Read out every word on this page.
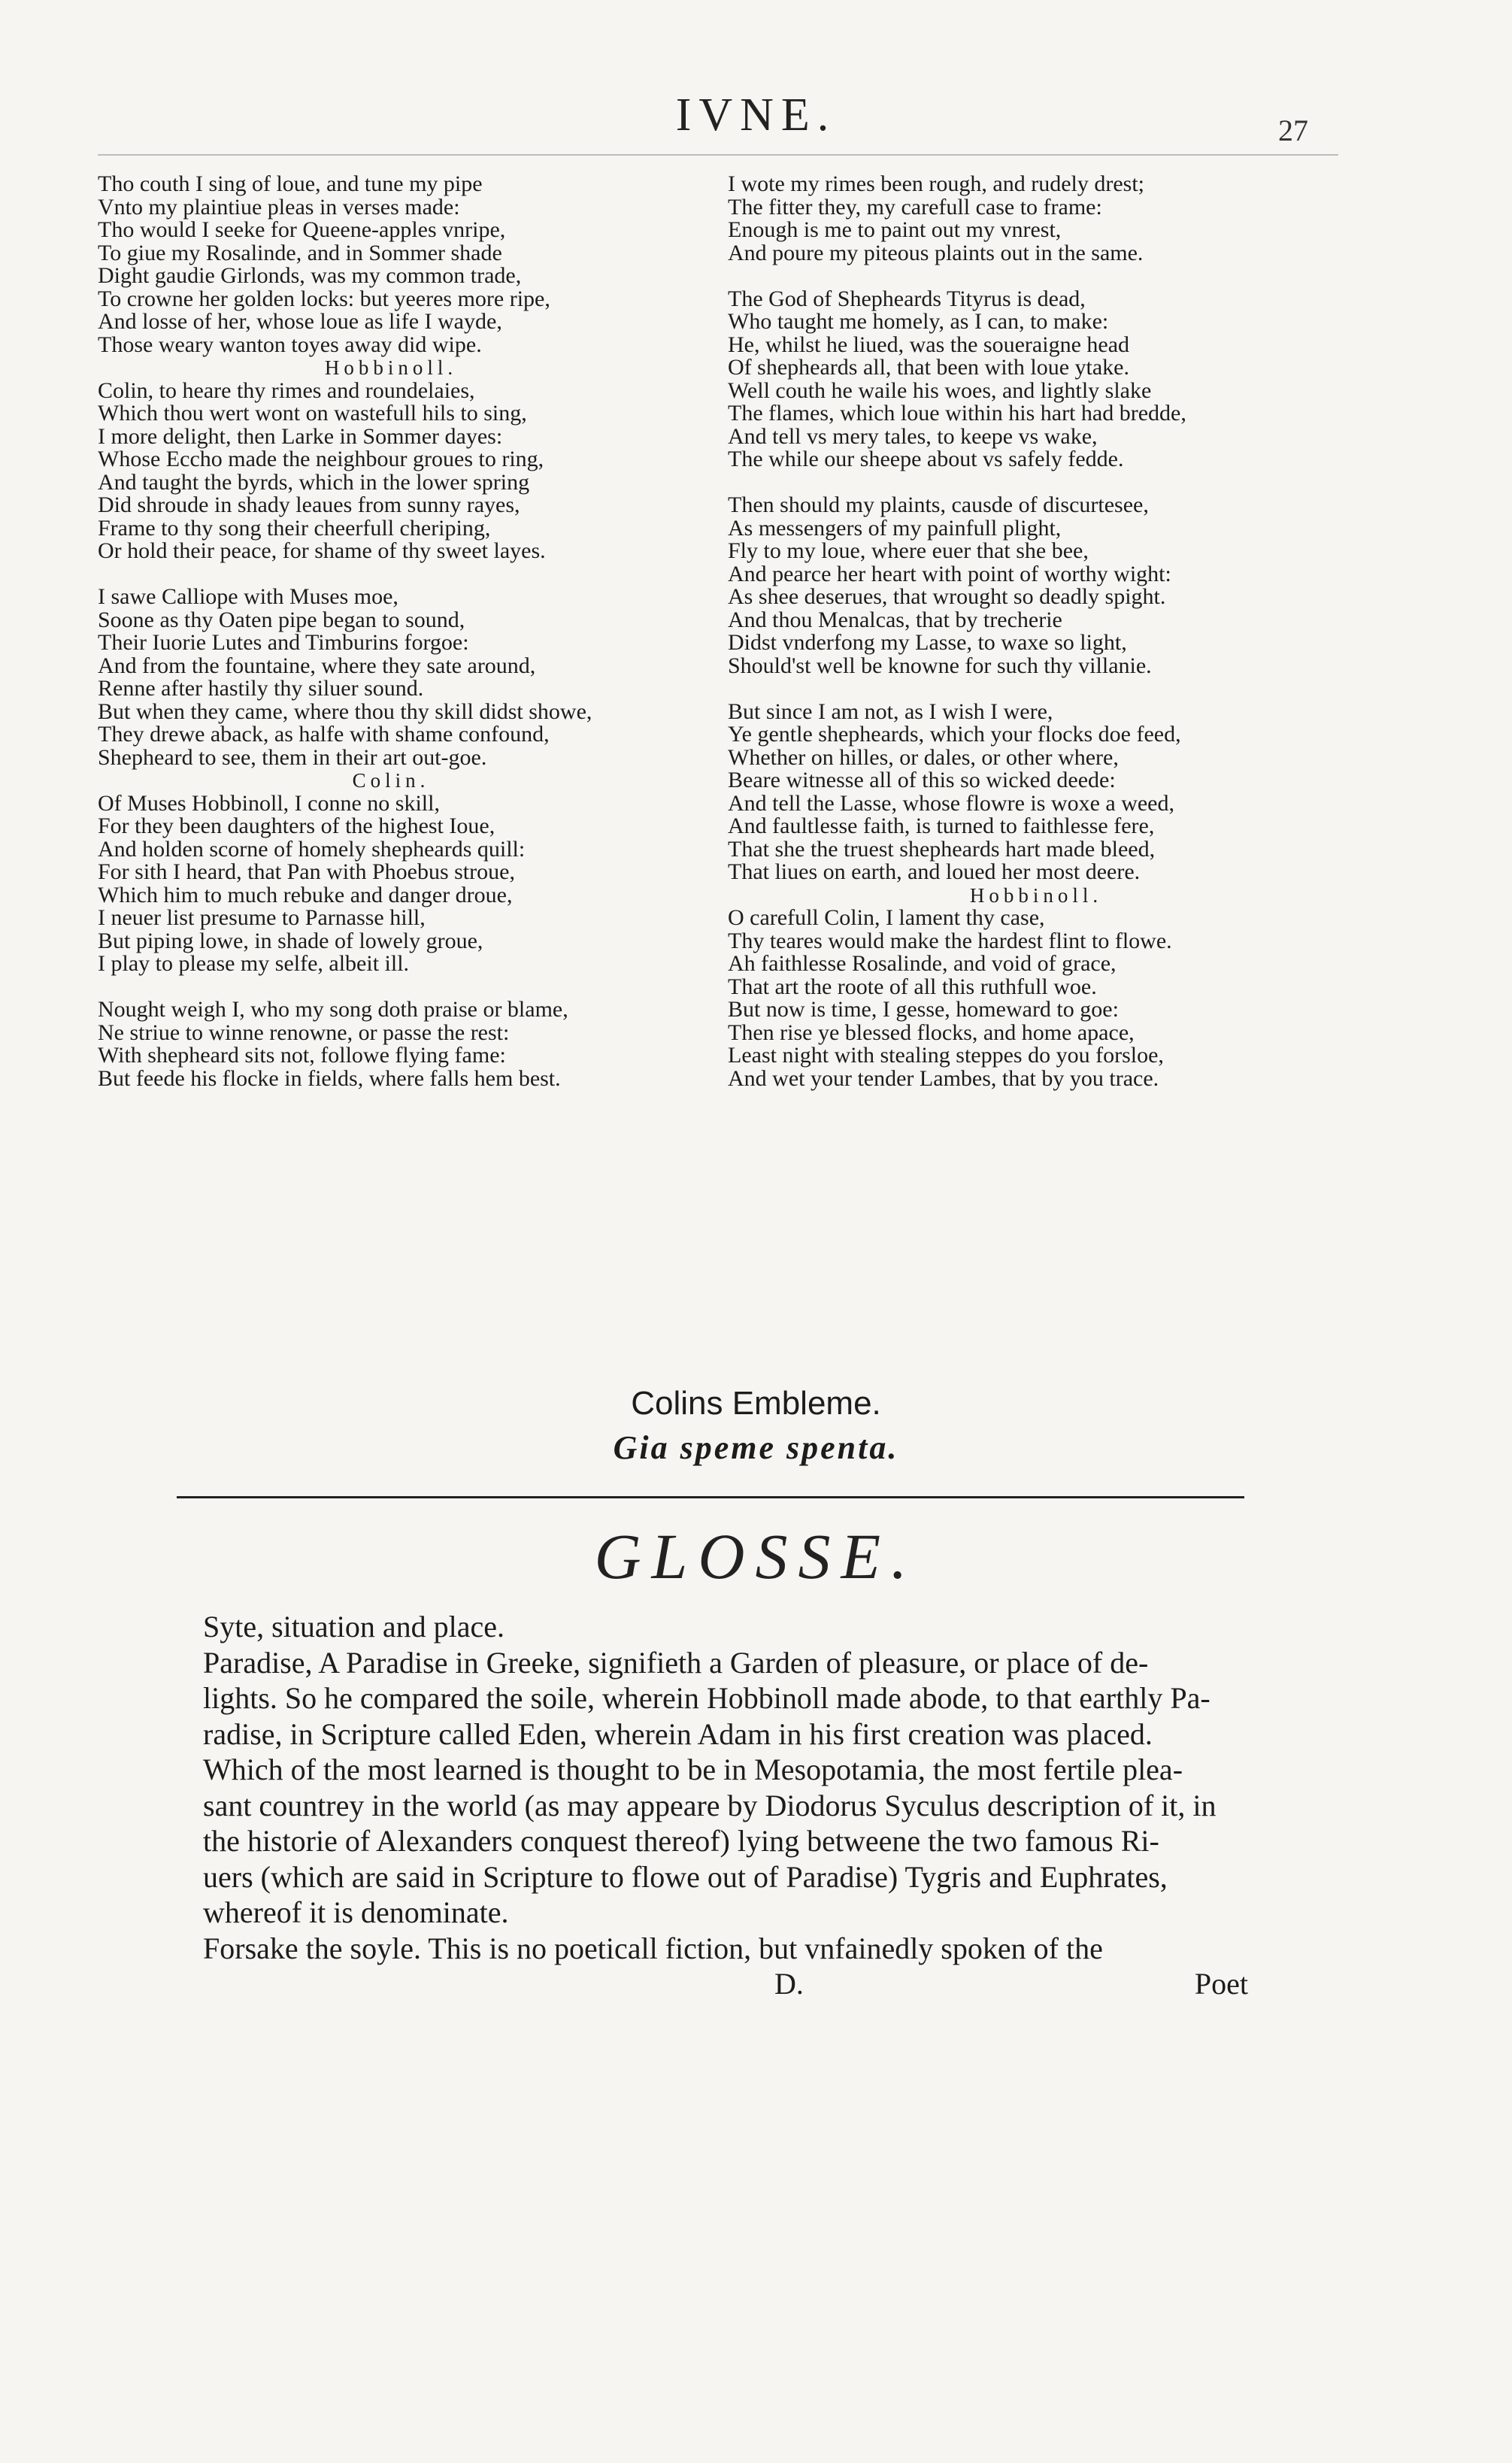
IVNE.	27
Tho couth I sing of loue, and tune my pipe
Vnto my plaintiue pleas in verses made:
Tho would I seeke for Queene-apples vnripe,
To giue my Rosalinde, and in Sommer shade
Dight gaudie Girlonds, was my common trade,
To crowne her golden locks: but yeeres more ripe,
And losse of her, whose loue as life I wayde,
Those weary wanton toyes away did wipe.
Hobbinoll.
Colin, to heare thy rimes and roundelaies,
Which thou wert wont on wastefull hils to sing,
I more delight, then Larke in Sommer dayes:
Whose Eccho made the neighbour groues to ring,
And taught the byrds, which in the lower spring
Did shroude in shady leaues from sunny rayes,
Frame to thy song their cheerfull cheriping,
Or hold their peace, for shame of thy sweet layes.
I sawe Calliope with Muses moe,
Soone as thy Oaten pipe began to sound,
Their Iuorie Lutes and Timburins forgoe:
And from the fountaine, where they sate around,
Renne after hastily thy siluer sound.
But when they came, where thou thy skill didst showe,
They drewe aback, as halfe with shame confound,
Shepheard to see, them in their art out-goe.
Colin.
Of Muses Hobbinoll, I conne no skill,
For they been daughters of the highest Ioue,
And holden scorne of homely shepheards quill:
For sith I heard, that Pan with Phoebus stroue,
Which him to much rebuke and danger droue,
I neuer list presume to Parnasse hill,
But piping lowe, in shade of lowely groue,
I play to please my selfe, albeit ill.
Nought weigh I, who my song doth praise or blame,
Ne striue to winne renowne, or passe the rest:
With shepheard sits not, followe flying fame:
But feede his flocke in fields, where falls hem best.
I wote my rimes been rough, and rudely drest;
The fitter they, my carefull case to frame:
Enough is me to paint out my vnrest,
And poure my piteous plaints out in the same.
The God of Shepheards Tityrus is dead,
Who taught me homely, as I can, to make:
He, whilst he liued, was the soueraigne head
Of shepheards all, that been with loue ytake.
Well couth he waile his woes, and lightly slake
The flames, which loue within his hart had bredde,
And tell vs mery tales, to keepe vs wake,
The while our sheepe about vs safely fedde.
Then should my plaints, causde of discurtesee,
As messengers of my painfull plight,
Fly to my loue, where euer that she bee,
And pearce her heart with point of worthy wight:
As shee deserues, that wrought so deadly spight.
And thou Menalcas, that by trecherie
Didst vnderfong my Lasse, to waxe so light,
Should'st well be knowne for such thy villanie.
But since I am not, as I wish I were,
Ye gentle shepheards, which your flocks doe feed,
Whether on hilles, or dales, or other where,
Beare witnesse all of this so wicked deede:
And tell the Lasse, whose flowre is woxe a weed,
And faultlesse faith, is turned to faithlesse fere,
That she the truest shepheards hart made bleed,
That liues on earth, and loued her most deere.
Hobbinoll.
O carefull Colin, I lament thy case,
Thy teares would make the hardest flint to flowe.
Ah faithlesse Rosalinde, and void of grace,
That art the roote of all this ruthfull woe.
But now is time, I gesse, homeward to goe:
Then rise ye blessed flocks, and home apace,
Least night with stealing steppes do you forsloe,
And wet your tender Lambes, that by you trace.
Colins Embleme.
Gia speme spenta.
GLOSSE.
Syte, situation and place.
Paradise, A Paradise in Greeke, signifieth a Garden of pleasure, or place of de-
lights. So he compared the soile, wherein Hobbinoll made abode, to that earthly Pa-
radise, in Scripture called Eden, wherein Adam in his first creation was placed.
Which of the most learned is thought to be in Mesopotamia, the most fertile plea-
sant countrey in the world (as may appeare by Diodorus Syculus description of it, in
the historie of Alexanders conquest thereof) lying betweene the two famous Ri-
uers (which are said in Scripture to flowe out of Paradise) Tygris and Euphrates,
whereof it is denominate.
Forsake the soyle. This is no poeticall fiction, but vnfainedly spoken of the
D.	Poet
